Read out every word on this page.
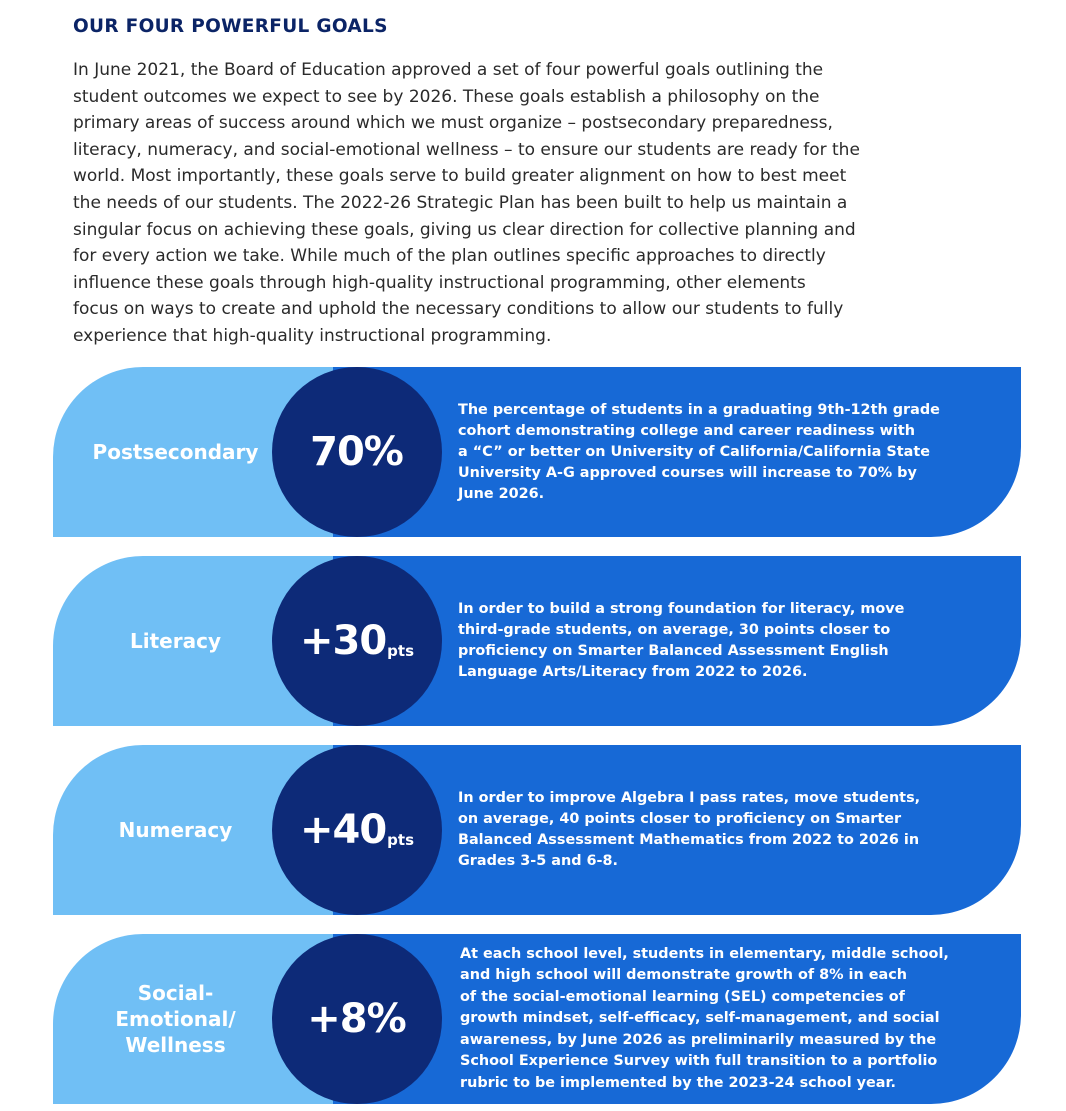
OUR FOUR POWERFUL GOALS
In June 2021, the Board of Education approved a set of four powerful goals outlining the
student outcomes we expect to see by 2026. These goals establish a philosophy on the
primary areas of success around which we must organize – postsecondary preparedness,
literacy, numeracy, and social-emotional wellness – to ensure our students are ready for the
world. Most importantly, these goals serve to build greater alignment on how to best meet
the needs of our students. The 2022-26 Strategic Plan has been built to help us maintain a
singular focus on achieving these goals, giving us clear direction for collective planning and
for every action we take. While much of the plan outlines specific approaches to directly
influence these goals through high-quality instructional programming, other elements
focus on ways to create and uphold the necessary conditions to allow our students to fully
experience that high-quality instructional programming.
Postsecondary 70%
The percentage of students in a graduating 9th-12th grade
cohort demonstrating college and career readiness with
a “C” or better on University of California/California State
University A-G approved courses will increase to 70% by
June 2026.
Literacy	+30 pts
In order to build a strong foundation for literacy, move
third-grade students, on average, 30 points closer to
proficiency on Smarter Balanced Assessment English
Language Arts/Literacy from 2022 to 2026.
Numeracy	+40 pts
In order to improve Algebra I pass rates, move students,
on average, 40 points closer to proficiency on Smarter
Balanced Assessment Mathematics from 2022 to 2026 in
Grades 3-5 and 6-8.
Social-
Emotional/
Wellness
+8%
At each school level, students in elementary, middle school,
and high school will demonstrate growth of 8% in each
of the social-emotional learning (SEL) competencies of
growth mindset, self-efficacy, self-management, and social
awareness, by June 2026 as preliminarily measured by the
School Experience Survey with full transition to a portfolio
rubric to be implemented by the 2023-24 school year.
